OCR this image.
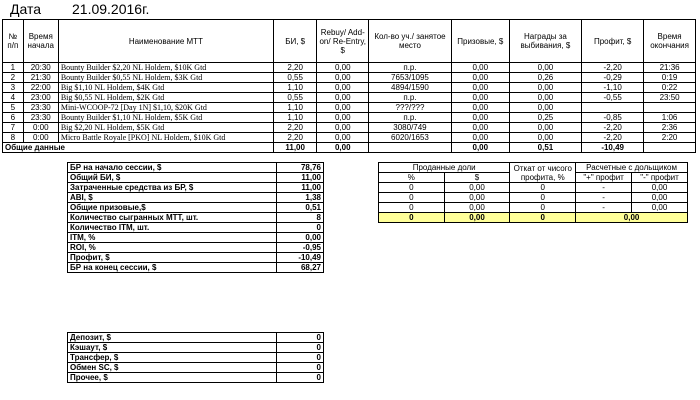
Дата 21.09.2016г.
№ п/п	Время начала	Наименование МТТ	БИ, $	Rebuy/ Add-on/ Re-Entry, $	Кол-во уч./ занятое место	Призовые, $	Награды за выбивания, $	Профит, $	Время окончания
1	20:30	Bounty Builder $2,20 NL Holdem, $10K Gtd	2,20	0,00	п.р.	0,00	0,00	-2,20	21:36
2	21:30	Bounty Builder $0,55 NL Holdem, $3K Gtd	0,55	0,00	7653/1095	0,00	0,26	-0,29	0:19
3	22:00	Big $1,10 NL Holdem, $4K Gtd	1,10	0,00	4894/1590	0,00	0,00	-1,10	0:22
4	23:00	Big $0,55 NL Holdem, $2K Gtd	0,55	0,00	п.р.	0,00	0,00	-0,55	23:50
5	23:30	Mini-WCOOP-72 [Day 1N] $1,10, $20K Gtd	1,10	0,00	???/???	0,00	0,00		
6	23:30	Bounty Builder $1,10 NL Holdem, $5K Gtd	1,10	0,00	п.р.	0,00	0,25	-0,85	1:06
7	0:00	Big $2,20 NL Holdem, $5K Gtd	2,20	0,00	3080/749	0,00	0,00	-2,20	2:36
8	0:00	Micro Battle Royale [PKO] NL Holdem, $10K Gtd	2,20	0,00	6020/1653	0,00	0,00	-2,20	2:20
Общие данные			11,00	0,00		0,00	0,51	-10,49	
БР на начало сессии, $	78,76
Общий БИ, $	11,00
Затраченные средства из БР, $	11,00
ABI, $	1,38
Общие призовые,$	0,51
Количество сыгранных МТТ, шт.	8
Количество ITM, шт.	0
ITM, %	0,00
ROI, %	-0,95
Профит, $	-10,49
БР на конец сессии, $	68,27
Депозит, $	0
Кэшаут, $	0
Трансфер, $	0
Обмен SC, $	0
Прочее, $	0
Проданные доли		Откат от чисого профита, %	Расчетные с дольщиком	
%	$		"+" профит	"-" профит
0	0,00	0	-	0,00
0	0,00	0	-	0,00
0	0,00	0	-	0,00
0	0,00	0	0,00	
